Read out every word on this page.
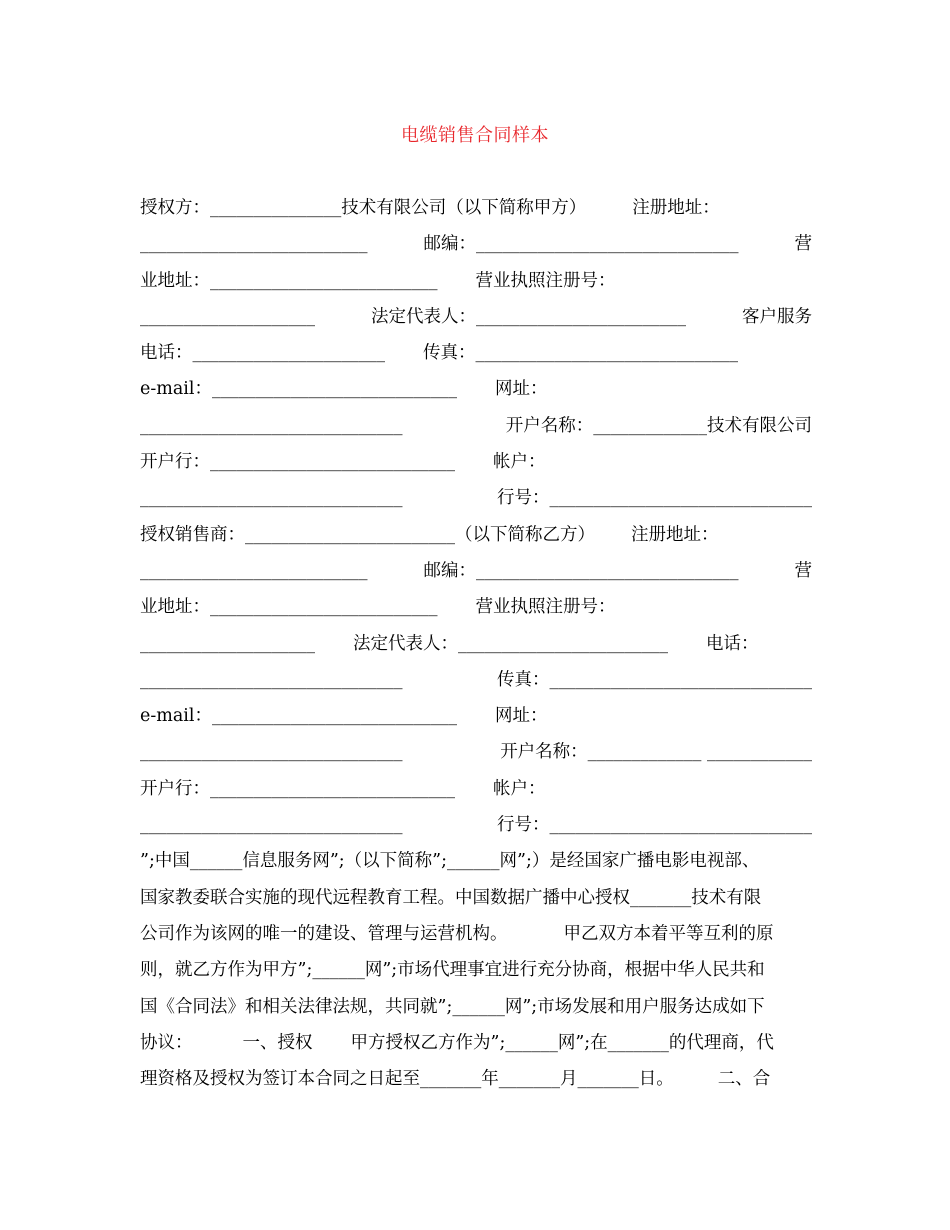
电缆销售合同样本
授权方：_______________技术有限公司（以下简称甲方）	注册地址：
__________________________	邮编：______________________________	营
业地址：__________________________ 营业执照注册号：
____________________	法定代表人：________________________	客户服务
电话：______________________ 传真：______________________________
e-mail：____________________________ 网址：
______________________________	开户名称：_____________技术有限公司
开户行：____________________________ 帐户：
______________________________	行号：______________________________
授权销售商：________________________（以下简称乙方） 注册地址：
__________________________	邮编：______________________________	营
业地址：__________________________ 营业执照注册号：
____________________ 法定代表人：________________________ 电话：
______________________________	传真：______________________________
e-mail：____________________________ 网址：
______________________________	开户名称：_____________ ____________
开户行：____________________________ 帐户：
______________________________	行号：______________________________
”;中国______信息服务网”;（以下简称”;______网”;）是经国家广播电影电视部、
国家教委联合实施的现代远程教育工程。中国数据广播中心授权_______技术有限
公司作为该网的唯一的建设、管理与运营机构。	甲乙双方本着平等互利的原
则，就乙方作为甲方”;______网”;市场代理事宜进行充分协商，根据中华人民共和
国《合同法》和相关法律法规，共同就”;______网”;市场发展和用户服务达成如下
协议：	一、授权 甲方授权乙方作为”;______网”;在_______的代理商，代
理资格及授权为签订本合同之日起至_______年_______月_______日。	二、合
